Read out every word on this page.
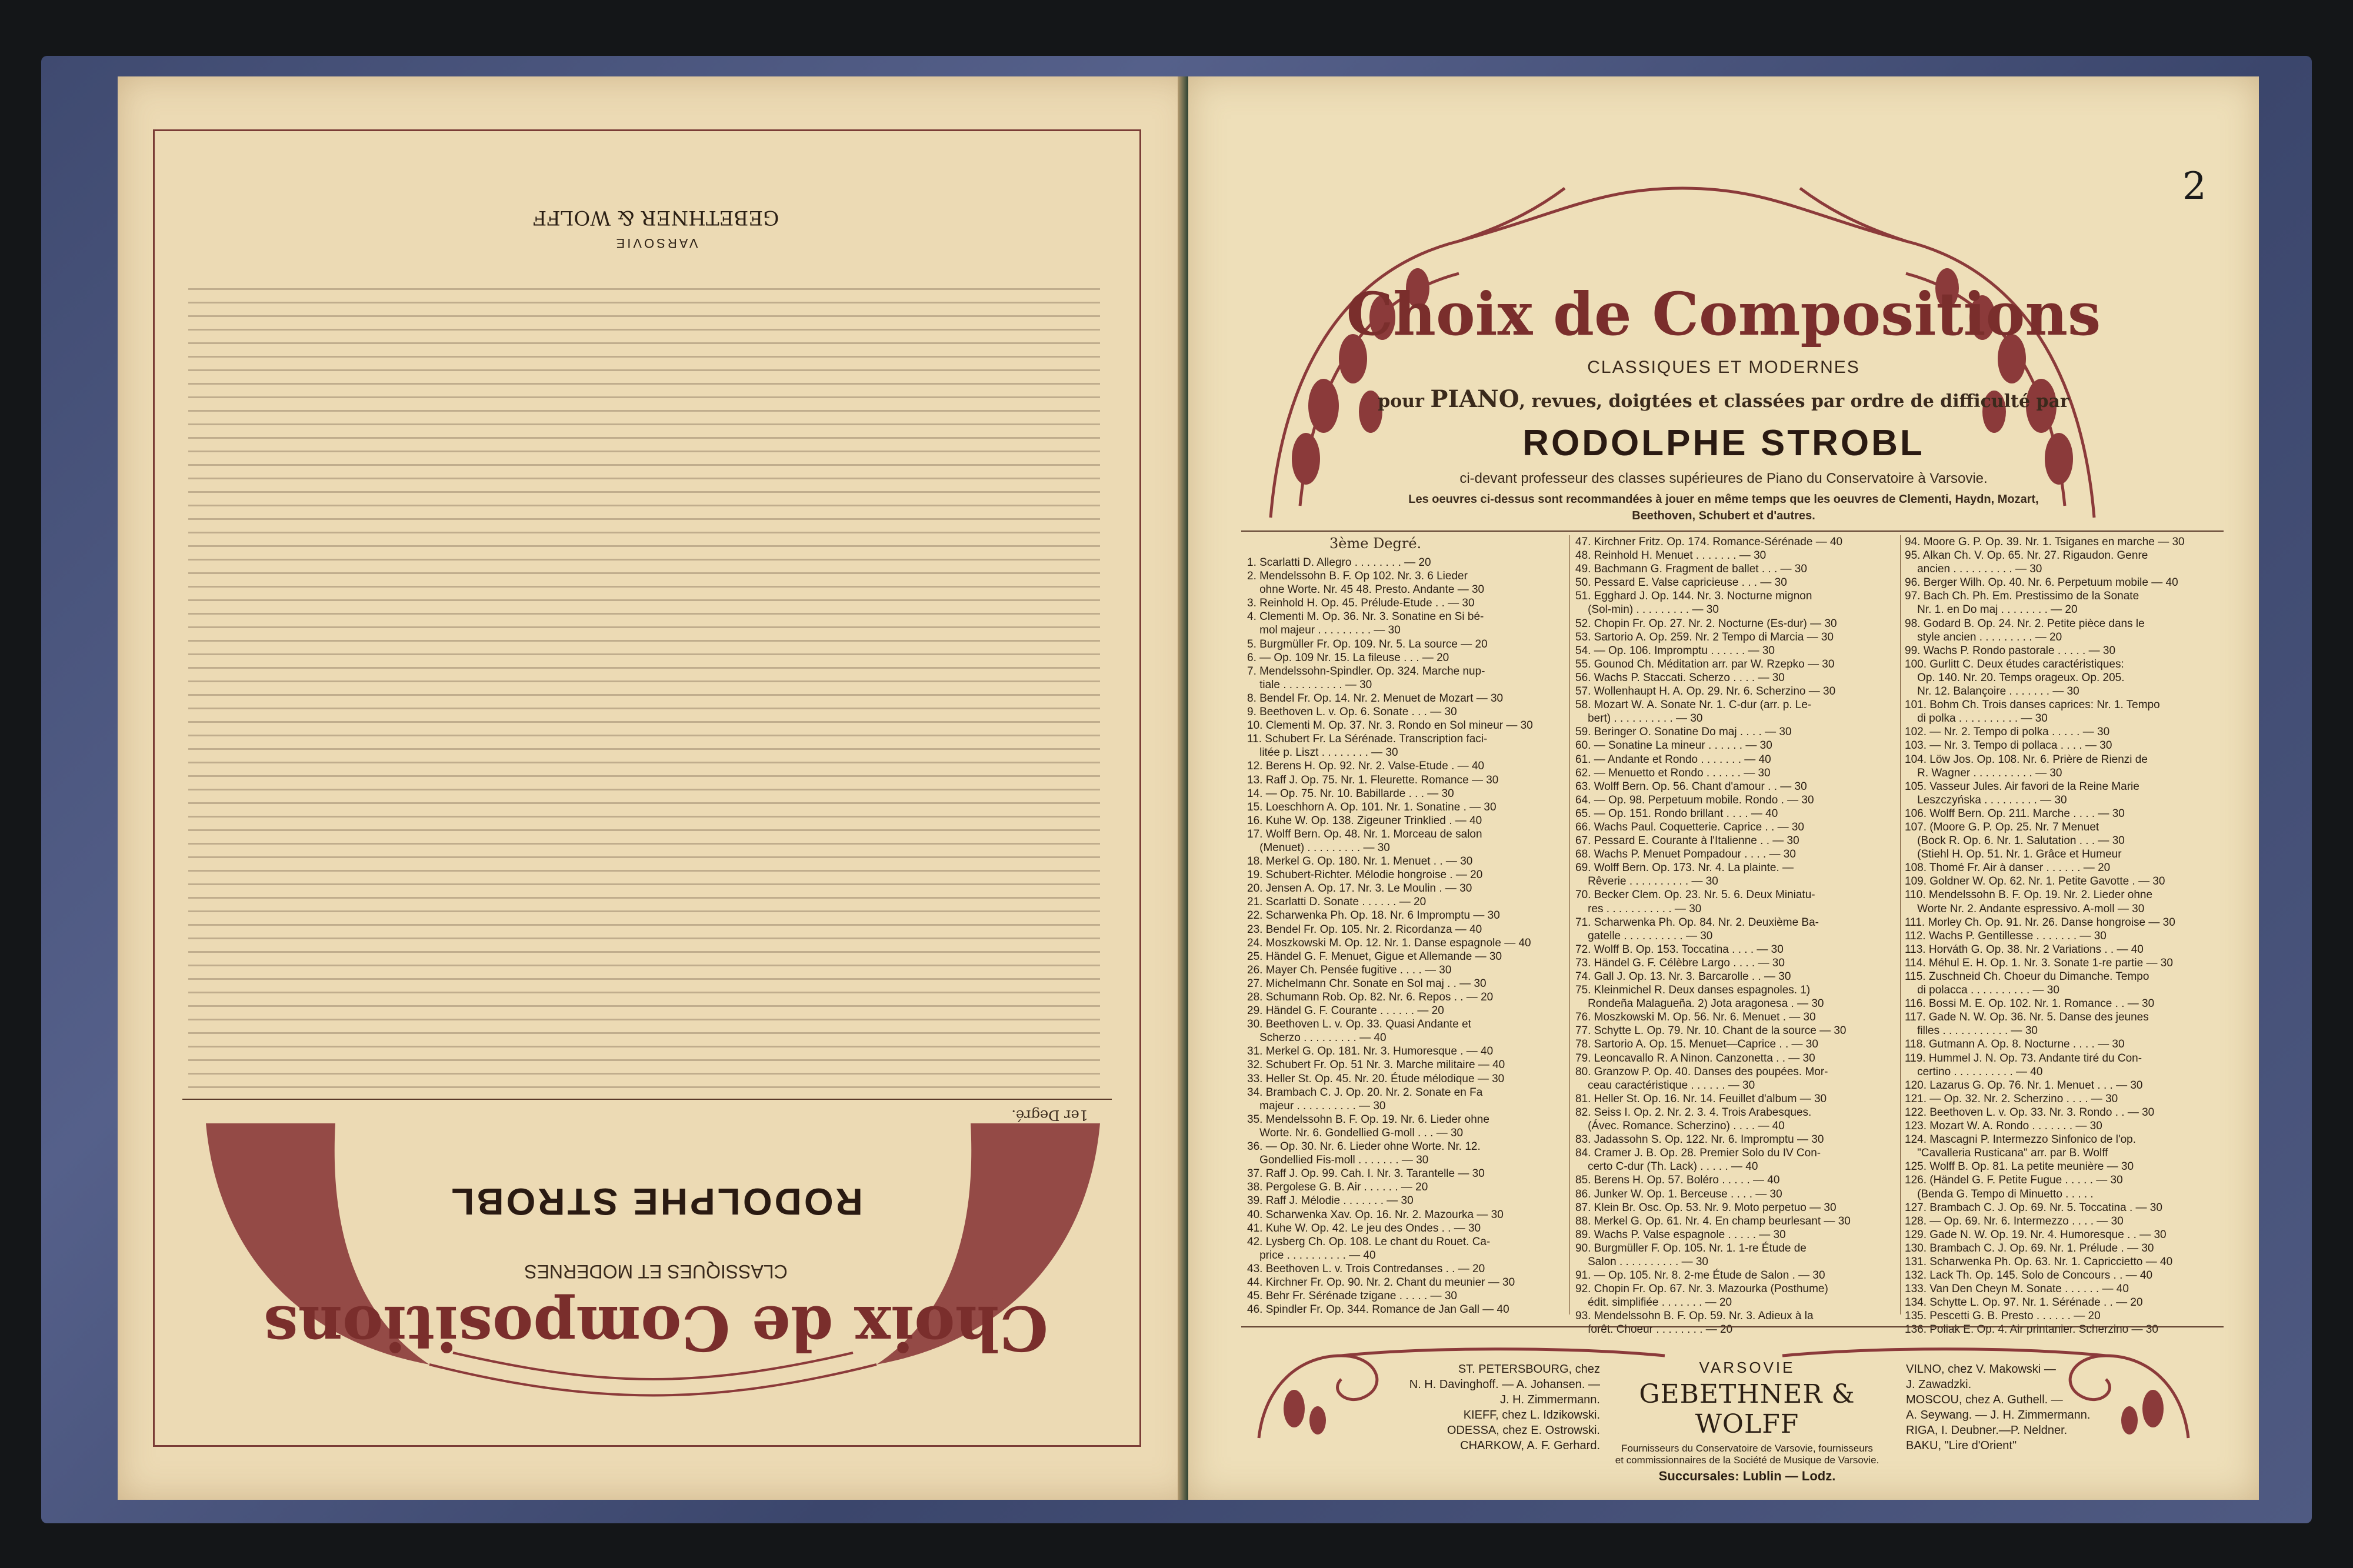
Choix de Compositions
CLASSIQUES ET MODERNES
RODOLPHE STROBL
1er Degré.
GEBETHNER & WOLFF
VARSOVIE
2
Choix de Compositions
CLASSIQUES ET MODERNES
pour PIANO, revues, doigtées et classées par ordre de difficulté par
RODOLPHE STROBL
ci-devant professeur des classes supérieures de Piano du Conservatoire à Varsovie.
Les oeuvres ci-dessus sont recommandées à jouer en même temps que les oeuvres de Clementi, Haydn, Mozart,
Beethoven, Schubert et d'autres.
3ème Degré.
1. Scarlatti D. Allegro . . . . . . . . — 20
2. Mendelssohn B. F. Op 102. Nr. 3. 6 Lieder
ohne Worte. Nr. 45 48. Presto. Andante — 30
3. Reinhold H. Op. 45. Prélude-Etude . . — 30
4. Clementi M. Op. 36. Nr. 3. Sonatine en Si bé-
mol majeur . . . . . . . . . — 30
5. Burgmüller Fr. Op. 109. Nr. 5. La source — 20
6. — Op. 109 Nr. 15. La fileuse . . . — 20
7. Mendelssohn-Spindler. Op. 324. Marche nup-
tiale . . . . . . . . . . — 30
8. Bendel Fr. Op. 14. Nr. 2. Menuet de Mozart — 30
9. Beethoven L. v. Op. 6. Sonate . . . — 30
10. Clementi M. Op. 37. Nr. 3. Rondo en Sol mineur — 30
11. Schubert Fr. La Sérénade. Transcription faci-
litée p. Liszt . . . . . . . . — 30
12. Berens H. Op. 92. Nr. 2. Valse-Etude . — 40
13. Raff J. Op. 75. Nr. 1. Fleurette. Romance — 30
14. — Op. 75. Nr. 10. Babillarde . . . — 30
15. Loeschhorn A. Op. 101. Nr. 1. Sonatine . — 30
16. Kuhe W. Op. 138. Zigeuner Trinklied . — 40
17. Wolff Bern. Op. 48. Nr. 1. Morceau de salon
(Menuet) . . . . . . . . . — 30
18. Merkel G. Op. 180. Nr. 1. Menuet . . — 30
19. Schubert-Richter. Mélodie hongroise . — 20
20. Jensen A. Op. 17. Nr. 3. Le Moulin . — 30
21. Scarlatti D. Sonate . . . . . . — 20
22. Scharwenka Ph. Op. 18. Nr. 6 Impromptu — 30
23. Bendel Fr. Op. 105. Nr. 2. Ricordanza — 40
24. Moszkowski M. Op. 12. Nr. 1. Danse espagnole — 40
25. Händel G. F. Menuet, Gigue et Allemande — 30
26. Mayer Ch. Pensée fugitive . . . . — 30
27. Michelmann Chr. Sonate en Sol maj . . — 30
28. Schumann Rob. Op. 82. Nr. 6. Repos . . — 20
29. Händel G. F. Courante . . . . . . — 20
30. Beethoven L. v. Op. 33. Quasi Andante et
Scherzo . . . . . . . . . — 40
31. Merkel G. Op. 181. Nr. 3. Humoresque . — 40
32. Schubert Fr. Op. 51 Nr. 3. Marche militaire — 40
33. Heller St. Op. 45. Nr. 20. Étude mélodique — 30
34. Brambach C. J. Op. 20. Nr. 2. Sonate en Fa
majeur . . . . . . . . . . — 30
35. Mendelssohn B. F. Op. 19. Nr. 6. Lieder ohne
Worte. Nr. 6. Gondellied G-moll . . . — 30
36. — Op. 30. Nr. 6. Lieder ohne Worte. Nr. 12.
Gondellied Fis-moll . . . . . . . — 30
37. Raff J. Op. 99. Cah. I. Nr. 3. Tarantelle — 30
38. Pergolese G. B. Air . . . . . . — 20
39. Raff J. Mélodie . . . . . . . — 30
40. Scharwenka Xav. Op. 16. Nr. 2. Mazourka — 30
41. Kuhe W. Op. 42. Le jeu des Ondes . . — 30
42. Lysberg Ch. Op. 108. Le chant du Rouet. Ca-
price . . . . . . . . . . — 40
43. Beethoven L. v. Trois Contredanses . . — 20
44. Kirchner Fr. Op. 90. Nr. 2. Chant du meunier — 30
45. Behr Fr. Sérénade tzigane . . . . . — 30
46. Spindler Fr. Op. 344. Romance de Jan Gall — 40
47. Kirchner Fritz. Op. 174. Romance-Sérénade — 40
48. Reinhold H. Menuet . . . . . . . — 30
49. Bachmann G. Fragment de ballet . . . — 30
50. Pessard E. Valse capricieuse . . . — 30
51. Egghard J. Op. 144. Nr. 3. Nocturne mignon
(Sol-min) . . . . . . . . . — 30
52. Chopin Fr. Op. 27. Nr. 2. Nocturne (Es-dur) — 30
53. Sartorio A. Op. 259. Nr. 2 Tempo di Marcia — 30
54. — Op. 106. Impromptu . . . . . . — 30
55. Gounod Ch. Méditation arr. par W. Rzepko — 30
56. Wachs P. Staccati. Scherzo . . . . — 30
57. Wollenhaupt H. A. Op. 29. Nr. 6. Scherzino — 30
58. Mozart W. A. Sonate Nr. 1. C-dur (arr. p. Le-
bert) . . . . . . . . . . — 30
59. Beringer O. Sonatine Do maj . . . . — 30
60. — Sonatine La mineur . . . . . . — 30
61. — Andante et Rondo . . . . . . . — 40
62. — Menuetto et Rondo . . . . . . — 30
63. Wolff Bern. Op. 56. Chant d'amour . . — 30
64. — Op. 98. Perpetuum mobile. Rondo . — 30
65. — Op. 151. Rondo brillant . . . . — 40
66. Wachs Paul. Coquetterie. Caprice . . — 30
67. Pessard E. Courante à l'Italienne . . — 30
68. Wachs P. Menuet Pompadour . . . . — 30
69. Wolff Bern. Op. 173. Nr. 4. La plainte. —
Rêverie . . . . . . . . . . — 30
70. Becker Clem. Op. 23. Nr. 5. 6. Deux Miniatu-
res . . . . . . . . . . . — 30
71. Scharwenka Ph. Op. 84. Nr. 2. Deuxième Ba-
gatelle . . . . . . . . . . — 30
72. Wolff B. Op. 153. Toccatina . . . . — 30
73. Händel G. F. Célèbre Largo . . . . — 30
74. Gall J. Op. 13. Nr. 3. Barcarolle . . — 30
75. Kleinmichel R. Deux danses espagnoles. 1)
Rondeña Malagueña. 2) Jota aragonesa . — 30
76. Moszkowski M. Op. 56. Nr. 6. Menuet . — 30
77. Schytte L. Op. 79. Nr. 10. Chant de la source — 30
78. Sartorio A. Op. 15. Menuet—Caprice . . — 30
79. Leoncavallo R. A Ninon. Canzonetta . . — 30
80. Granzow P. Op. 40. Danses des poupées. Mor-
ceau caractéristique . . . . . . — 30
81. Heller St. Op. 16. Nr. 14. Feuillet d'album — 30
82. Seiss I. Op. 2. Nr. 2. 3. 4. Trois Arabesques.
(Ávec. Romance. Scherzino) . . . . — 40
83. Jadassohn S. Op. 122. Nr. 6. Impromptu — 30
84. Cramer J. B. Op. 28. Premier Solo du IV Con-
certo C-dur (Th. Lack) . . . . . — 40
85. Berens H. Op. 57. Boléro . . . . . — 40
86. Junker W. Op. 1. Berceuse . . . . — 30
87. Klein Br. Osc. Op. 53. Nr. 9. Moto perpetuo — 30
88. Merkel G. Op. 61. Nr. 4. En champ beurlesant — 30
89. Wachs P. Valse espagnole . . . . . — 30
90. Burgmüller F. Op. 105. Nr. 1. 1-re Étude de
Salon . . . . . . . . . . — 30
91. — Op. 105. Nr. 8. 2-me Étude de Salon . — 30
92. Chopin Fr. Op. 67. Nr. 3. Mazourka (Posthume)
édit. simplifiée . . . . . . . — 20
93. Mendelssohn B. F. Op. 59. Nr. 3. Adieux à la
forêt. Choeur . . . . . . . . — 20
94. Moore G. P. Op. 39. Nr. 1. Tsiganes en marche — 30
95. Alkan Ch. V. Op. 65. Nr. 27. Rigaudon. Genre
ancien . . . . . . . . . . — 30
96. Berger Wilh. Op. 40. Nr. 6. Perpetuum mobile — 40
97. Bach Ch. Ph. Em. Prestissimo de la Sonate
Nr. 1. en Do maj . . . . . . . . — 20
98. Godard B. Op. 24. Nr. 2. Petite pièce dans le
style ancien . . . . . . . . . — 20
99. Wachs P. Rondo pastorale . . . . . — 30
100. Gurlitt C. Deux études caractéristiques:
Op. 140. Nr. 20. Temps orageux. Op. 205.
Nr. 12. Balançoire . . . . . . . — 30
101. Bohm Ch. Trois danses caprices: Nr. 1. Tempo
di polka . . . . . . . . . . — 30
102. — Nr. 2. Tempo di polka . . . . . — 30
103. — Nr. 3. Tempo di pollaca . . . . — 30
104. Löw Jos. Op. 108. Nr. 6. Prière de Rienzi de
R. Wagner . . . . . . . . . . — 30
105. Vasseur Jules. Air favori de la Reine Marie
Leszczyńska . . . . . . . . . — 30
106. Wolff Bern. Op. 211. Marche . . . . — 30
107. (Moore G. P. Op. 25. Nr. 7 Menuet
(Bock R. Op. 6. Nr. 1. Salutation . . . — 30
(Stiehl H. Op. 51. Nr. 1. Grâce et Humeur
108. Thomé Fr. Air à danser . . . . . . — 20
109. Goldner W. Op. 62. Nr. 1. Petite Gavotte . — 30
110. Mendelssohn B. F. Op. 19. Nr. 2. Lieder ohne
Worte Nr. 2. Andante espressivo. A-moll — 30
111. Morley Ch. Op. 91. Nr. 26. Danse hongroise — 30
112. Wachs P. Gentillesse . . . . . . . — 30
113. Horváth G. Op. 38. Nr. 2 Variations . . — 40
114. Méhul E. H. Op. 1. Nr. 3. Sonate 1-re partie — 30
115. Zuschneid Ch. Choeur du Dimanche. Tempo
di polacca . . . . . . . . . . — 30
116. Bossi M. E. Op. 102. Nr. 1. Romance . . — 30
117. Gade N. W. Op. 36. Nr. 5. Danse des jeunes
filles . . . . . . . . . . . — 30
118. Gutmann A. Op. 8. Nocturne . . . . — 30
119. Hummel J. N. Op. 73. Andante tiré du Con-
certino . . . . . . . . . . — 40
120. Lazarus G. Op. 76. Nr. 1. Menuet . . . — 30
121. — Op. 32. Nr. 2. Scherzino . . . . — 30
122. Beethoven L. v. Op. 33. Nr. 3. Rondo . . — 30
123. Mozart W. A. Rondo . . . . . . . — 30
124. Mascagni P. Intermezzo Sinfonico de l'op.
"Cavalleria Rusticana" arr. par B. Wolff
125. Wolff B. Op. 81. La petite meunière — 30
126. (Händel G. F. Petite Fugue . . . . . — 30
(Benda G. Tempo di Minuetto . . . . .
127. Brambach C. J. Op. 69. Nr. 5. Toccatina . — 30
128. — Op. 69. Nr. 6. Intermezzo . . . . — 30
129. Gade N. W. Op. 19. Nr. 4. Humoresque . . — 30
130. Brambach C. J. Op. 69. Nr. 1. Prélude . — 30
131. Scharwenka Ph. Op. 63. Nr. 1. Capriccietto — 40
132. Lack Th. Op. 145. Solo de Concours . . — 40
133. Van Den Cheyn M. Sonate . . . . . . — 40
134. Schytte L. Op. 97. Nr. 1. Sérénade . . — 20
135. Pescetti G. B. Presto . . . . . . — 20
136. Poliak E. Op. 4. Air printanier. Scherzino — 30
ST. PETERSBOURG, chez
N. H. Davinghoff. — A. Johansen. —
J. H. Zimmermann.
KIEFF, chez L. Idzikowski.
ODESSA, chez E. Ostrowski.
CHARKOW, A. F. Gerhard.
VARSOVIE
GEBETHNER & WOLFF
Fournisseurs du Conservatoire de Varsovie, fournisseurs
et commissionnaires de la Société de Musique de Varsovie.
Succursales: Lublin — Lodz.
VILNO, chez V. Makowski —
J. Zawadzki.
MOSCOU, chez A. Guthell. —
A. Seywang. — J. H. Zimmermann.
RIGA, I. Deubner.—P. Neldner.
BAKU, "Lire d'Orient"
